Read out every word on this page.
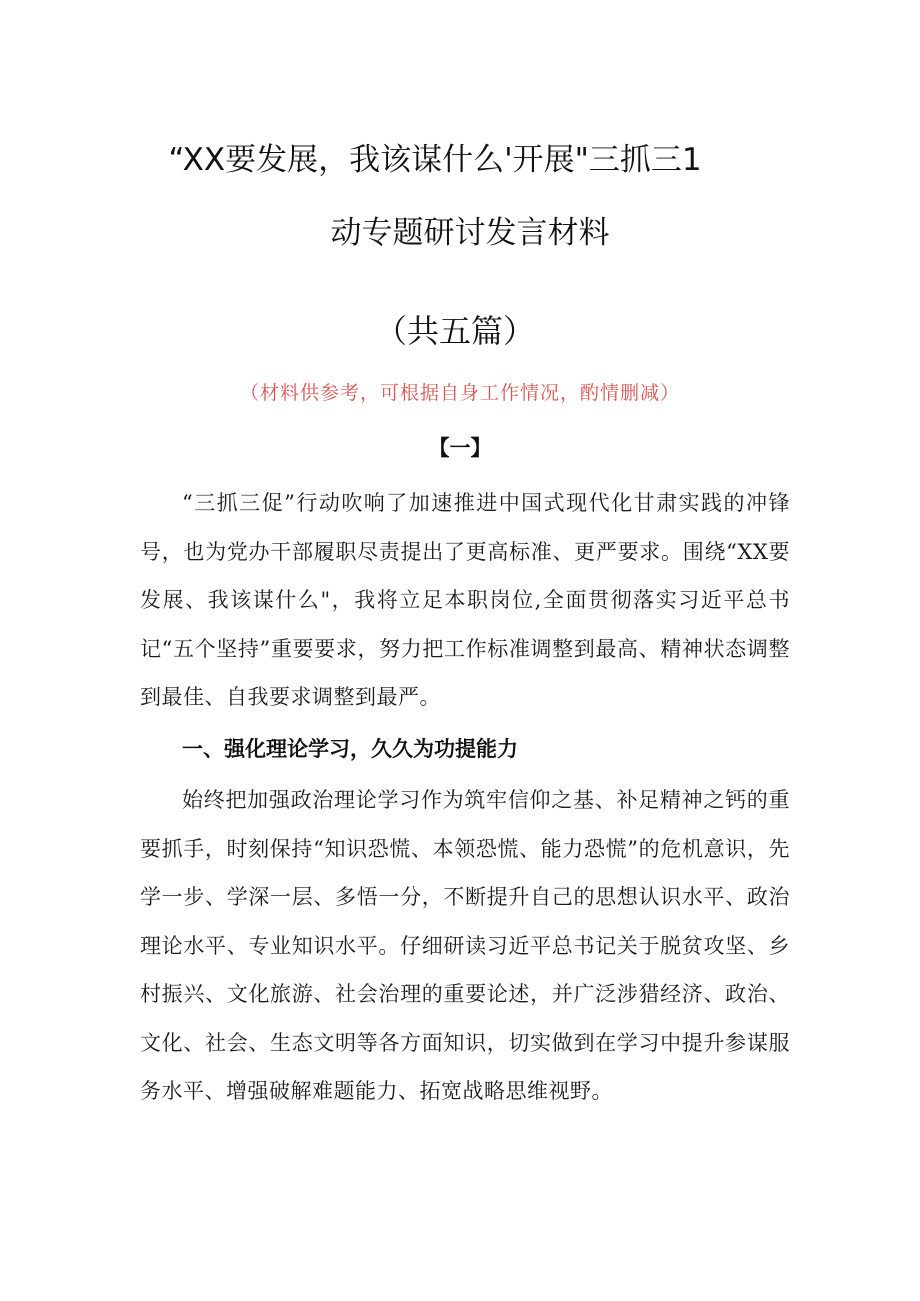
“XX要发展，我该谋什么'开展"三抓三1
动专题研讨发言材料
（共五篇）
（材料供参考，可根据自身工作情况，酌情删减）
【一】

“三抓三促”行动吹响了加速推进中国式现代化甘肃实践的冲锋号，也为党办干部履职尽责提出了更高标准、更严要求。围绕“XX要发展、我该谋什么"，我将立足本职岗位,全面贯彻落实习近平总书记“五个坚持”重要要求，努力把工作标准调整到最高、精神状态调整到最佳、自我要求调整到最严。

一、强化理论学习，久久为功提能力

始终把加强政治理论学习作为筑牢信仰之基、补足精神之钙的重要抓手，时刻保持“知识恐慌、本领恐慌、能力恐慌”的危机意识，先学一步、学深一层、多悟一分，不断提升自己的思想认识水平、政治理论水平、专业知识水平。仔细研读习近平总书记关于脱贫攻坚、乡村振兴、文化旅游、社会治理的重要论述，并广泛涉猎经济、政治、文化、社会、生态文明等各方面知识，切实做到在学习中提升参谋服务水平、增强破解难题能力、拓宽战略思维视野。
